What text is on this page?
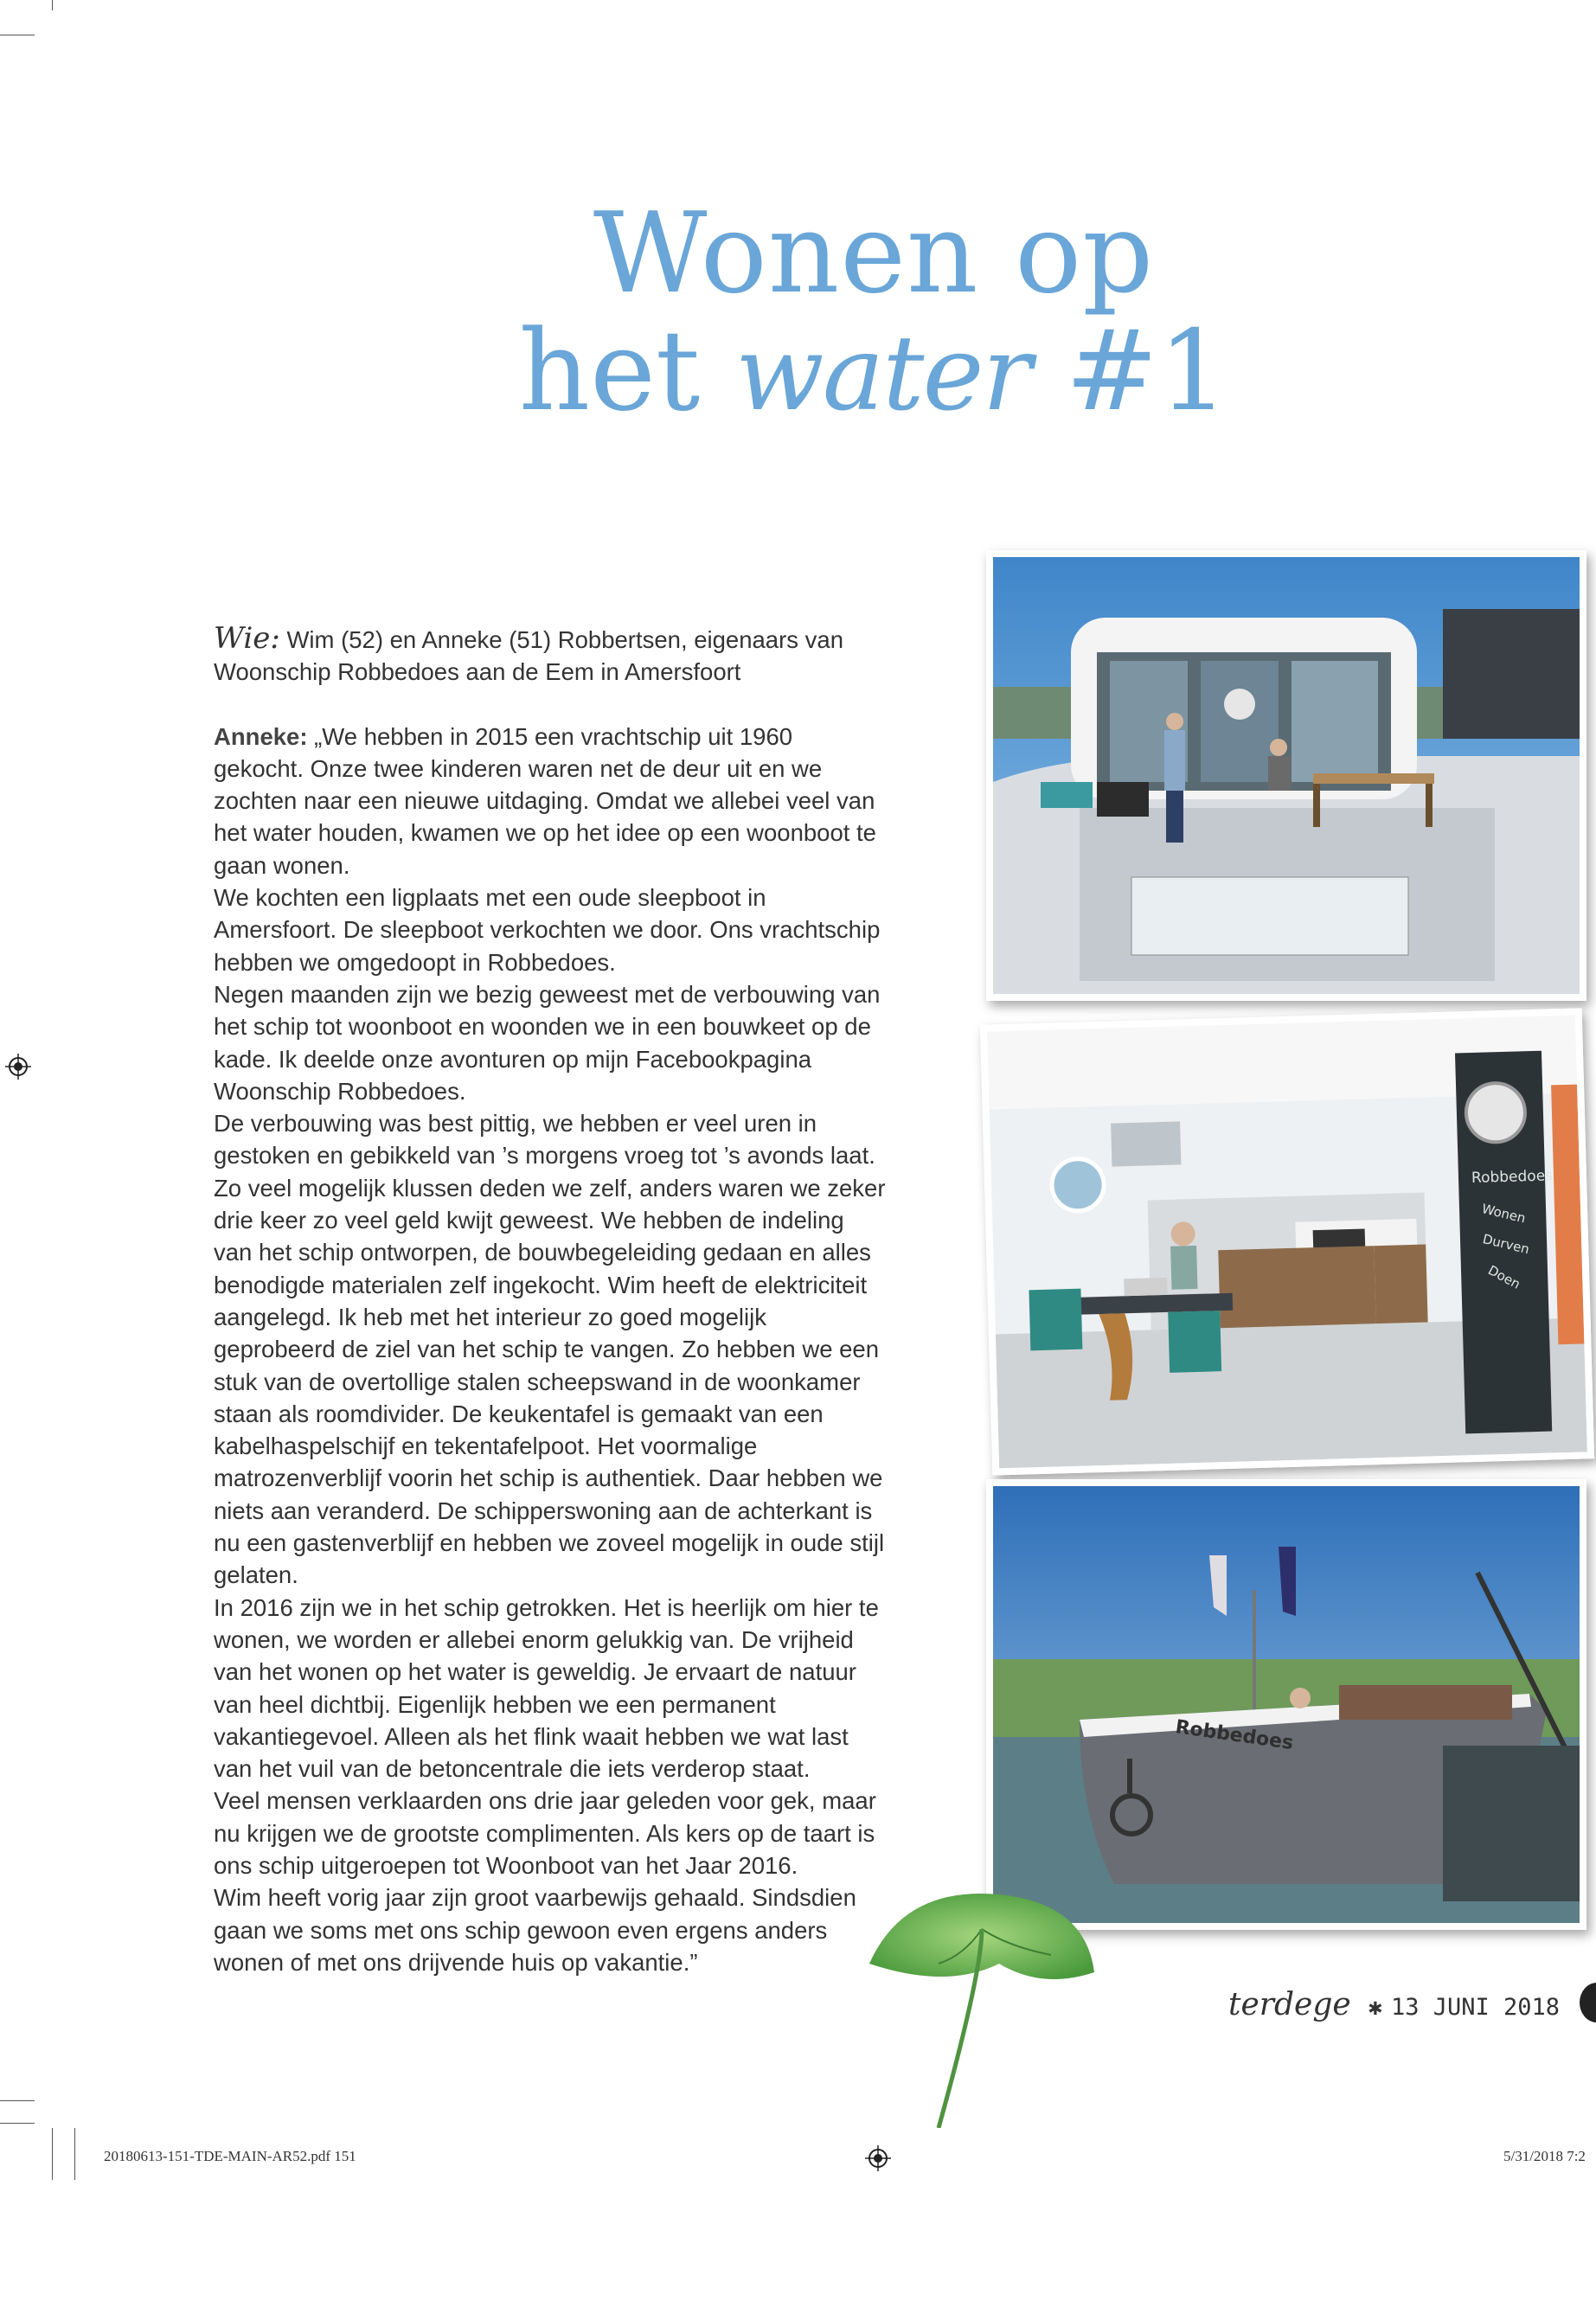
Wonen op
het water #1

Wie: Wim (52) en Anneke (51) Robbertsen, eigenaars van Woonschip Robbedoes aan de Eem in Amersfoort

Anneke: „We hebben in 2015 een vrachtschip uit 1960 gekocht. Onze twee kinderen waren net de deur uit en we zochten naar een nieuwe uitdaging. Omdat we allebei veel van het water houden, kwamen we op het idee op een woonboot te gaan wonen.

We kochten een ligplaats met een oude sleepboot in Amersfoort. De sleepboot verkochten we door. Ons vrachtschip hebben we omgedoopt in Robbedoes.

Negen maanden zijn we bezig geweest met de verbouwing van het schip tot woonboot en woonden we in een bouwkeet op de kade. Ik deelde onze avonturen op mijn Facebookpagina Woonschip Robbedoes.

De verbouwing was best pittig, we hebben er veel uren in gestoken en gebikkeld van ’s morgens vroeg tot ’s avonds laat. Zo veel mogelijk klussen deden we zelf, anders waren we zeker drie keer zo veel geld kwijt geweest. We hebben de indeling van het schip ontworpen, de bouwbegeleiding gedaan en alles benodigde materialen zelf ingekocht. Wim heeft de elektriciteit aangelegd. Ik heb met het interieur zo goed mogelijk geprobeerd de ziel van het schip te vangen. Zo hebben we een stuk van de overtollige stalen scheepswand in de woonkamer staan als roomdivider. De keukentafel is gemaakt van een kabelhaspelschijf en tekentafelpoot. Het voormalige matrozenverblijf voorin het schip is authentiek. Daar hebben we niets aan veranderd. De schipperswoning aan de achterkant is nu een gastenverblijf en hebben we zoveel mogelijk in oude stijl gelaten.

In 2016 zijn we in het schip getrokken. Het is heerlijk om hier te wonen, we worden er allebei enorm gelukkig van. De vrijheid van het wonen op het water is geweldig. Je ervaart de natuur van heel dichtbij. Eigenlijk hebben we een permanent vakantiegevoel. Alleen als het flink waait hebben we wat last van het vuil van de betoncentrale die iets verderop staat.

Veel mensen verklaarden ons drie jaar geleden voor gek, maar nu krijgen we de grootste complimenten. Als kers op de taart is ons schip uitgeroepen tot Woonboot van het Jaar 2016.

Wim heeft vorig jaar zijn groot vaarbewijs gehaald. Sindsdien gaan we soms met ons schip gewoon even ergens anders wonen of met ons drijvende huis op vakantie.”

Robbedoes
Wonen
Durven
Doen
Robbedoes
terdege ✱ 13 JUNI 2018
20180613-151-TDE-MAIN-AR52.pdf 151	5/31/2018 7:2
